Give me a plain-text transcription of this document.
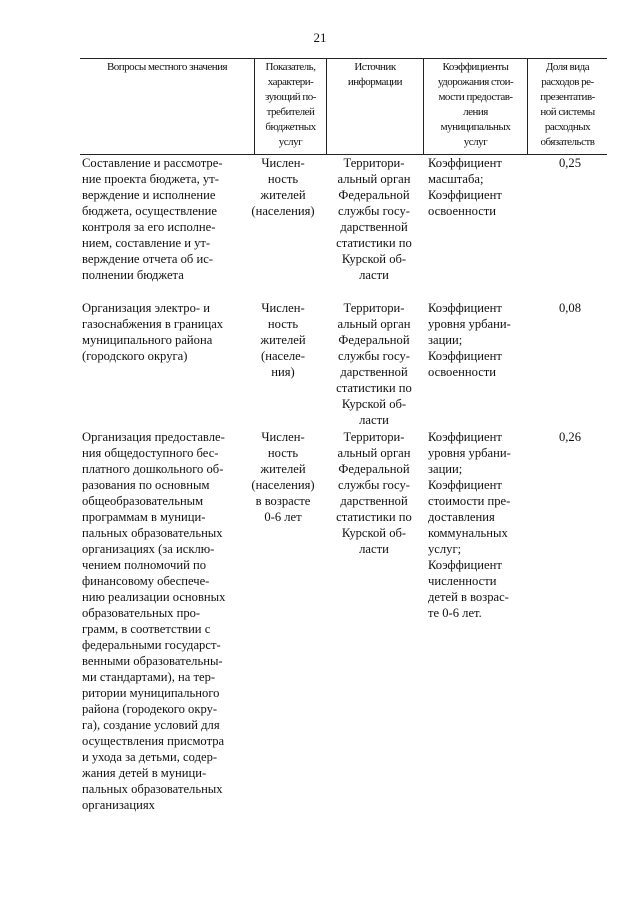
21
Вопросы местного значения	Показатель,
характери-
зующий по-
требителей
бюджетных
услуг
Источник
информации
Коэффициенты
удорожания стои-
мости предостав-
ления
муниципальных
услуг
Доля вида
расходов ре-
презентатив-
ной системы
расходных
обязательств
Составление и рассмотре-
ние проекта бюджета, ут-
верждение и исполнение
бюджета, осуществление
контроля за его исполне-
нием, составление и ут-
верждение отчета об ис-
полнении бюджета
Числен-
ность
жителей
(населения)
Территори-
альный орган
Федеральной
службы госу-
дарственной
статистики по
Курской об-
ласти
Коэффициент
масштаба;
Коэффициент
освоенности
0,25
Организация электро- и
газоснабжения в границах
муниципального района
(городского округа)
Числен-
ность
жителей
(населе-
ния)
Территори-
альный орган
Федеральной
службы госу-
дарственной
статистики по
Курской об-
ласти
Коэффициент
уровня урбани-
зации;
Коэффициент
освоенности
0,08
Организация предоставле-
ния общедоступного бес-
платного дошкольного об-
разования по основным
общеобразовательным
программам в муници-
пальных образовательных
организациях (за исклю-
чением полномочий по
финансовому обеспече-
нию реализации основных
образовательных про-
грамм, в соответствии с
федеральными государст-
венными образовательны-
ми стандартами), на тер-
ритории муниципального
района (городекого окру-
га), создание условий для
осуществления присмотра
и ухода за детьми, содер-
жания детей в муници-
пальных образовательных
организациях
Числен-
ность
жителей
(населения)
в возрасте
0-6 лет
Территори-
альный орган
Федеральной
службы госу-
дарственной
статистики по
Курской об-
ласти
Коэффициент
уровня урбани-
зации;
Коэффициент
стоимости пре-
доставления
коммунальных
услуг;
Коэффициент
численности
детей в возрас-
те 0-6 лет.
0,26
